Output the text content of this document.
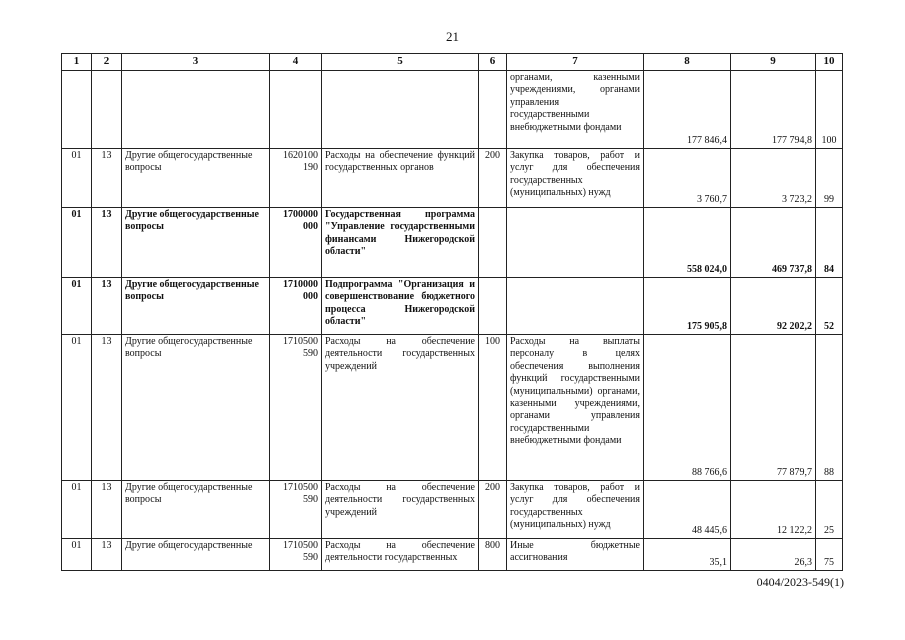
21
1	2	3	4	5	6	7	8	9	10
						органами, казенными учреждениями, органами управления государственными внебюджетными фондами	177 846,4	177 794,8	100
01	13	Другие общегосударственные вопросы	1620100 190	Расходы на обеспечение функций государственных органов	200	Закупка товаров, работ и услуг для обеспечения государственных (муниципальных) нужд	3 760,7	3 723,2	99
01	13	Другие общегосударственные вопросы	1700000 000	Государственная программа "Управление государственными финансами Нижегородской области"			558 024,0	469 737,8	84
01	13	Другие общегосударственные вопросы	1710000 000	Подпрограмма "Организация и совершенствование бюджетного процесса Нижегородской области"			175 905,8	92 202,2	52
01	13	Другие общегосударственные вопросы	1710500 590	Расходы на обеспечение деятельности государственных учреждений	100	Расходы на выплаты персоналу в целях обеспечения выполнения функций государственными (муниципальными) органами, казенными учреждениями, органами управления государственными внебюджетными фондами	88 766,6	77 879,7	88
01	13	Другие общегосударственные вопросы	1710500 590	Расходы на обеспечение деятельности государственных учреждений	200	Закупка товаров, работ и услуг для обеспечения государственных (муниципальных) нужд	48 445,6	12 122,2	25
01	13	Другие общегосударственные	1710500 590	Расходы на обеспечение деятельности государственных	800	Иные бюджетные ассигнования	35,1	26,3	75
0404/2023-549(1)
